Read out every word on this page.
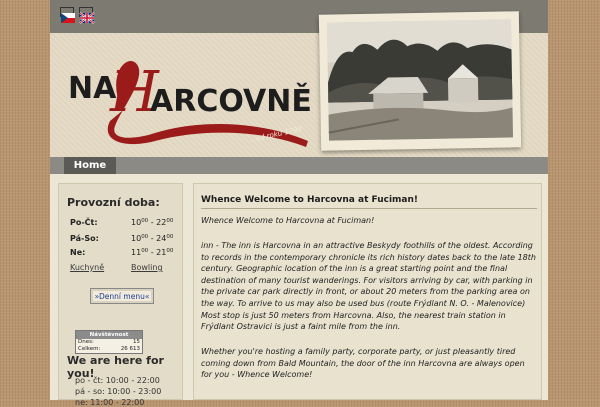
NA
H
ARCOVNĚ
...od roku 1793
Home
Provozní doba:
Po-Čt:	$10^{00} - 22^{00}$
Pá-So:	$10^{00} - 24^{00}$
Ne:	$11^{00} - 21^{00}$
Kuchyně	Bowling
»Denní menu«
Návštěvnost
Dnes:	15
Celkem:	26 613
We are here for you!
po - čt: 10:00 - 22:00
pá - so: 10:00 - 23:00
ne: 11:00 - 22:00
Whence Welcome to Harcovna at Fuciman!
Whence Welcome to Harcovna at Fuciman!
inn - The inn is Harcovna in an attractive Beskydy foothills of the oldest. According to records in the contemporary chronicle its rich history dates back to the late 18th century. Geographic location of the inn is a great starting point and the final destination of many tourist wanderings. For visitors arriving by car, with parking in the private car park directly in front, or about 20 meters from the parking area on the way. To arrive to us may also be used bus (route Frýdlant N. O. - Malenovice) Most stop is just 50 meters from Harcovna. Also, the nearest train station in Frýdlant Ostravici is just a faint mile from the inn.
Whether you're hosting a family party, corporate party, or just pleasantly tired coming down from Bald Mountain, the door of the inn Harcovna are always open for you - Whence Welcome!
